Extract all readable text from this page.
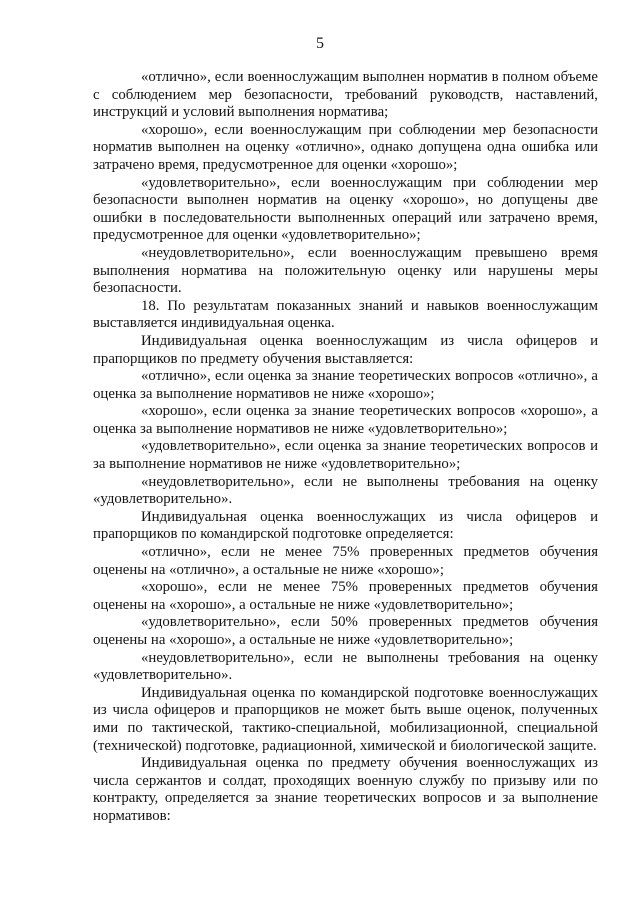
5

«отлично», если военнослужащим выполнен норматив в полном объеме с соблюдением мер безопасности, требований руководств, наставлений, инструкций и условий выполнения норматива;

«хорошо», если военнослужащим при соблюдении мер безопасности норматив выполнен на оценку «отлично», однако допущена одна ошибка или затрачено время, предусмотренное для оценки «хорошо»;

«удовлетворительно», если военнослужащим при соблюдении мер безопасности выполнен норматив на оценку «хорошо», но допущены две ошибки в последовательности выполненных операций или затрачено время, предусмотренное для оценки «удовлетворительно»;

«неудовлетворительно», если военнослужащим превышено время выполнения норматива на положительную оценку или нарушены меры безопасности.

18. По результатам показанных знаний и навыков военнослужащим выставляется индивидуальная оценка.

Индивидуальная оценка военнослужащим из числа офицеров и прапорщиков по предмету обучения выставляется:

«отлично», если оценка за знание теоретических вопросов «отлично», а оценка за выполнение нормативов не ниже «хорошо»;

«хорошо», если оценка за знание теоретических вопросов «хорошо», а оценка за выполнение нормативов не ниже «удовлетворительно»;

«удовлетворительно», если оценка за знание теоретических вопросов и за выполнение нормативов не ниже «удовлетворительно»;

«неудовлетворительно», если не выполнены требования на оценку «удовлетворительно».

Индивидуальная оценка военнослужащих из числа офицеров и прапорщиков по командирской подготовке определяется:

«отлично», если не менее 75% проверенных предметов обучения оценены на «отлично», а остальные не ниже «хорошо»;

«хорошо», если не менее 75% проверенных предметов обучения оценены на «хорошо», а остальные не ниже «удовлетворительно»;

«удовлетворительно», если 50% проверенных предметов обучения оценены на «хорошо», а остальные не ниже «удовлетворительно»;

«неудовлетворительно», если не выполнены требования на оценку «удовлетворительно».

Индивидуальная оценка по командирской подготовке военнослужащих из числа офицеров и прапорщиков не может быть выше оценок, полученных ими по тактической, тактико-специальной, мобилизационной, специальной (технической) подготовке, радиационной, химической и биологической защите.

Индивидуальная оценка по предмету обучения военнослужащих из числа сержантов и солдат, проходящих военную службу по призыву или по контракту, определяется за знание теоретических вопросов и за выполнение нормативов:
